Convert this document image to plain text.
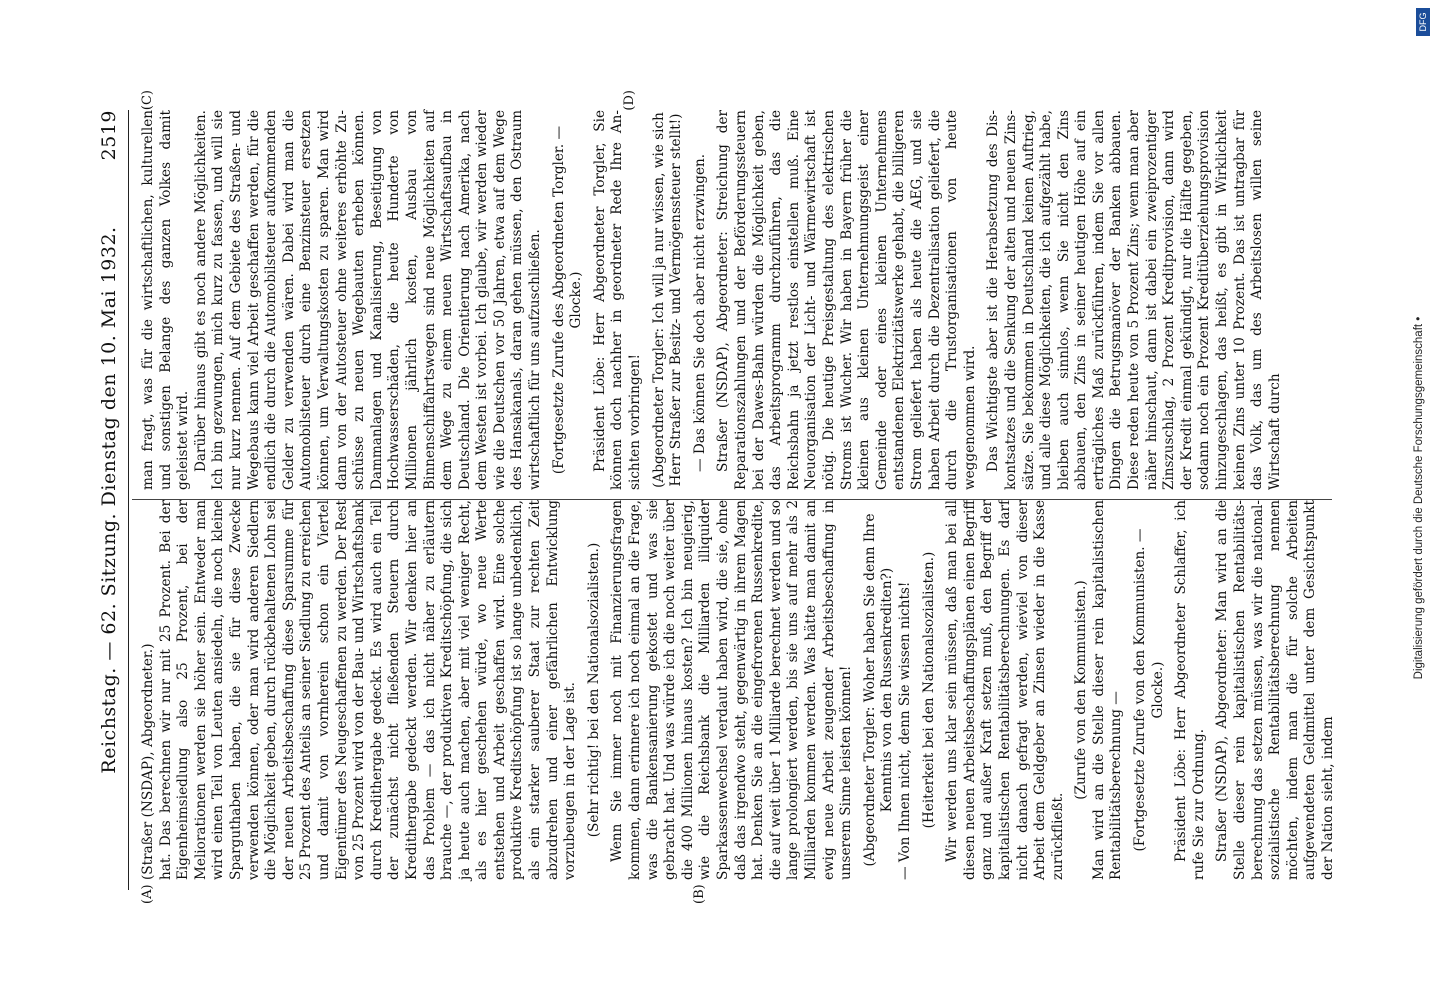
Reichstag. — 62. Sitzung. Dienstag den 10. Mai 1932.
2519
(A)	(B)
(C)	(D)

(Straßer (NSDAP), Abgeordneter.) hat. Das berechnen wir nur mit 25 Prozent. Bei der Eigenheimsiedlung also 25 Prozent, bei der Meliorationen werden sie höher sein. Entweder man wird einen Teil von Leuten ansiedeln, die noch kleine Sparguthaben haben, die sie für diese Zwecke verwenden können, oder man wird anderen Siedlern die Möglichkeit geben, durch rückbehaltenen Lohn sei der neuen Arbeitsbeschaffung diese Sparsumme für 25 Prozent des Anteils an seiner Siedlung zu erreichen und damit von vornherein schon ein Viertel Eigentümer des Neugeschaffenen zu werden. Der Rest von 25 Prozent wird von der Bau- und Wirtschaftsbank durch Kredithergabe gedeckt. Es wird auch ein Teil der zunächst nicht fließenden Steuern durch Kredithergabe gedeckt werden. Wir denken hier an das Problem — das ich nicht näher zu erläutern brauche —, der produktiven Kreditschöpfung, die sich ja heute auch machen, aber mit viel weniger Recht, als es hier geschehen würde, wo neue Werte entstehen und Arbeit geschaffen wird. Eine solche produktive Kreditschöpfung ist so lange unbedenklich, als ein starker sauberer Staat zur rechten Zeit abzudrehen und einer gefährlichen Entwicklung vorzubeugen in der Lage ist. (Sehr richtig! bei den Nationalsozialisten.) Wenn Sie immer noch mit Finanzierungsfragen kommen, dann erinnere ich noch einmal an die Frage, was die Bankensanierung gekostet und was sie gebracht hat. Und was würde ich die noch weiter über die 400 Millionen hinaus kosten? Ich bin neugierig, wie die Reichsbank die Milliarden illiquider Sparkassenwechsel verdaut haben wird, die sie, ohne daß das irgendwo steht, gegenwärtig in ihrem Magen hat. Denken Sie an die eingefrorenen Russenkredite, die auf weit über 1 Milliarde berechnet werden und so lange prolongiert werden, bis sie uns auf mehr als 2 Milliarden kommen werden. Was hätte man damit an ewig neue Arbeit zeugender Arbeitsbeschaffung in unserem Sinne leisten können! (Abgeordneter Torgler: Woher haben Sie denn Ihre Kenntnis von den Russenkrediten?) — Von Ihnen nicht, denn Sie wissen nichts! (Heiterkeit bei den Nationalsozialisten.) Wir werden uns klar sein müssen, daß man bei all diesen neuen Arbeitsbeschaffungsplänen einen Begriff ganz und außer Kraft setzen muß, den Begriff der kapitalistischen Rentabilitätsberechnungen. Es darf nicht danach gefragt werden, wieviel von dieser Arbeit dem Geldgeber an Zinsen wieder in die Kasse zurückfließt.

(Zurufe von den Kommunisten.) Man wird an die Stelle dieser rein kapitalistischen Rentabilitätsberechnung — (Fortgesetzte Zurufe von den Kommunisten. — Glocke.) Präsident Löbe: Herr Abgeordneter Schlaffer, ich rufe Sie zur Ordnung. Straßer (NSDAP), Abgeordneter: Man wird an die Stelle dieser rein kapitalistischen Rentabilitätsberechnung das setzen müssen, was wir die nationalsozialistische Rentabilitätsberechnung nennen möchten, indem man die für solche Arbeiten aufgewendeten Geldmittel unter dem Gesichtspunkt der Nation sieht, indem

man fragt, was für die wirtschaftlichen, kulturellen und sonstigen Belange des ganzen Volkes damit geleistet wird. Darüber hinaus gibt es noch andere Möglichkeiten. Ich bin gezwungen, mich kurz zu fassen, und will sie nur kurz nennen. Auf dem Gebiete des Straßen- und Wegebaus kann viel Arbeit geschaffen werden, für die endlich die durch die Automobilsteuer aufkommenden Gelder zu verwenden wären. Dabei wird man die Automobilsteuer durch eine Benzinsteuer ersetzen können, um Verwaltungskosten zu sparen. Man wird dann von der Autosteuer ohne weiteres erhöhte Zuschüsse zu neuen Wegebauten erheben können. Dammanlagen und Kanalisierung, Beseitigung von Hochwasserschäden, die heute Hunderte von Millionen jährlich kosten, Ausbau von Binnenschiffahrtswegen sind neue Möglichkeiten auf dem Wege zu einem neuen Wirtschaftsaufbau in Deutschland. Die Orientierung nach Amerika, nach dem Westen ist vorbei. Ich glaube, wir werden wieder wie die Deutschen vor 50 Jahren, etwa auf dem Wege des Hansakanals, daran gehen müssen, den Ostraum wirtschaftlich für uns aufzuschließen. (Fortgesetzte Zurufe des Abgeordneten Torgler. — Glocke.) Präsident Löbe: Herr Abgeordneter Torgler, Sie können doch nachher in geordneter Rede Ihre Ansichten vorbringen! (Abgeordneter Torgler: Ich will ja nur wissen, wie sich Herr Straßer zur Besitz- und Vermögenssteuer stellt!) — Das können Sie doch aber nicht erzwingen. Straßer (NSDAP), Abgeordneter: Streichung der Reparationszahlungen und der Beförderungssteuern bei der Dawes-Bahn würden die Möglichkeit geben, das Arbeitsprogramm durchzuführen, das die Reichsbahn ja jetzt restlos einstellen muß. Eine Neuorganisation der Licht- und Wärmewirtschaft ist nötig. Die heutige Preisgestaltung des elektrischen Stroms ist Wucher. Wir haben in Bayern früher die kleinen aus kleinen Unternehmungsgeist einer Gemeinde oder eines kleinen Unternehmens entstandenen Elektrizitätswerke gehabt, die billigeren Strom geliefert haben als heute die AEG, und sie haben Arbeit durch die Dezentralisation geliefert, die durch die Trustorganisationen von heute weggenommen wird. Das Wichtigste aber ist die Herabsetzung des Diskontsatzes und die Senkung der alten und neuen Zinssätze. Sie bekommen in Deutschland keinen Auftrieg, und alle diese Möglichkeiten, die ich aufgezählt habe, bleiben auch sinnlos, wenn Sie nicht den Zins abbauen, den Zins in seiner heutigen Höhe auf ein erträgliches Maß zurückführen, indem Sie vor allen Dingen die Betrugsmanöver der Banken abbauen. Diese reden heute von 5 Prozent Zins; wenn man aber näher hinschaut, dann ist dabei ein zweiprozentiger Zinszuschlag, 2 Prozent Kreditprovision, dann wird der Kredit einmal gekündigt, nur die Hälfte gegeben, sodann noch ein Prozent Kreditüberziehungsprovision hinzugeschlagen, das heißt, es gibt in Wirklichkeit keinen Zins unter 10 Prozent. Das ist untragbar für das Volk, das um des Arbeitslosen willen seine Wirtschaft durch	Digitalisierung gefördert durch die Deutsche Forschungsgemeinschaft •
DFG
